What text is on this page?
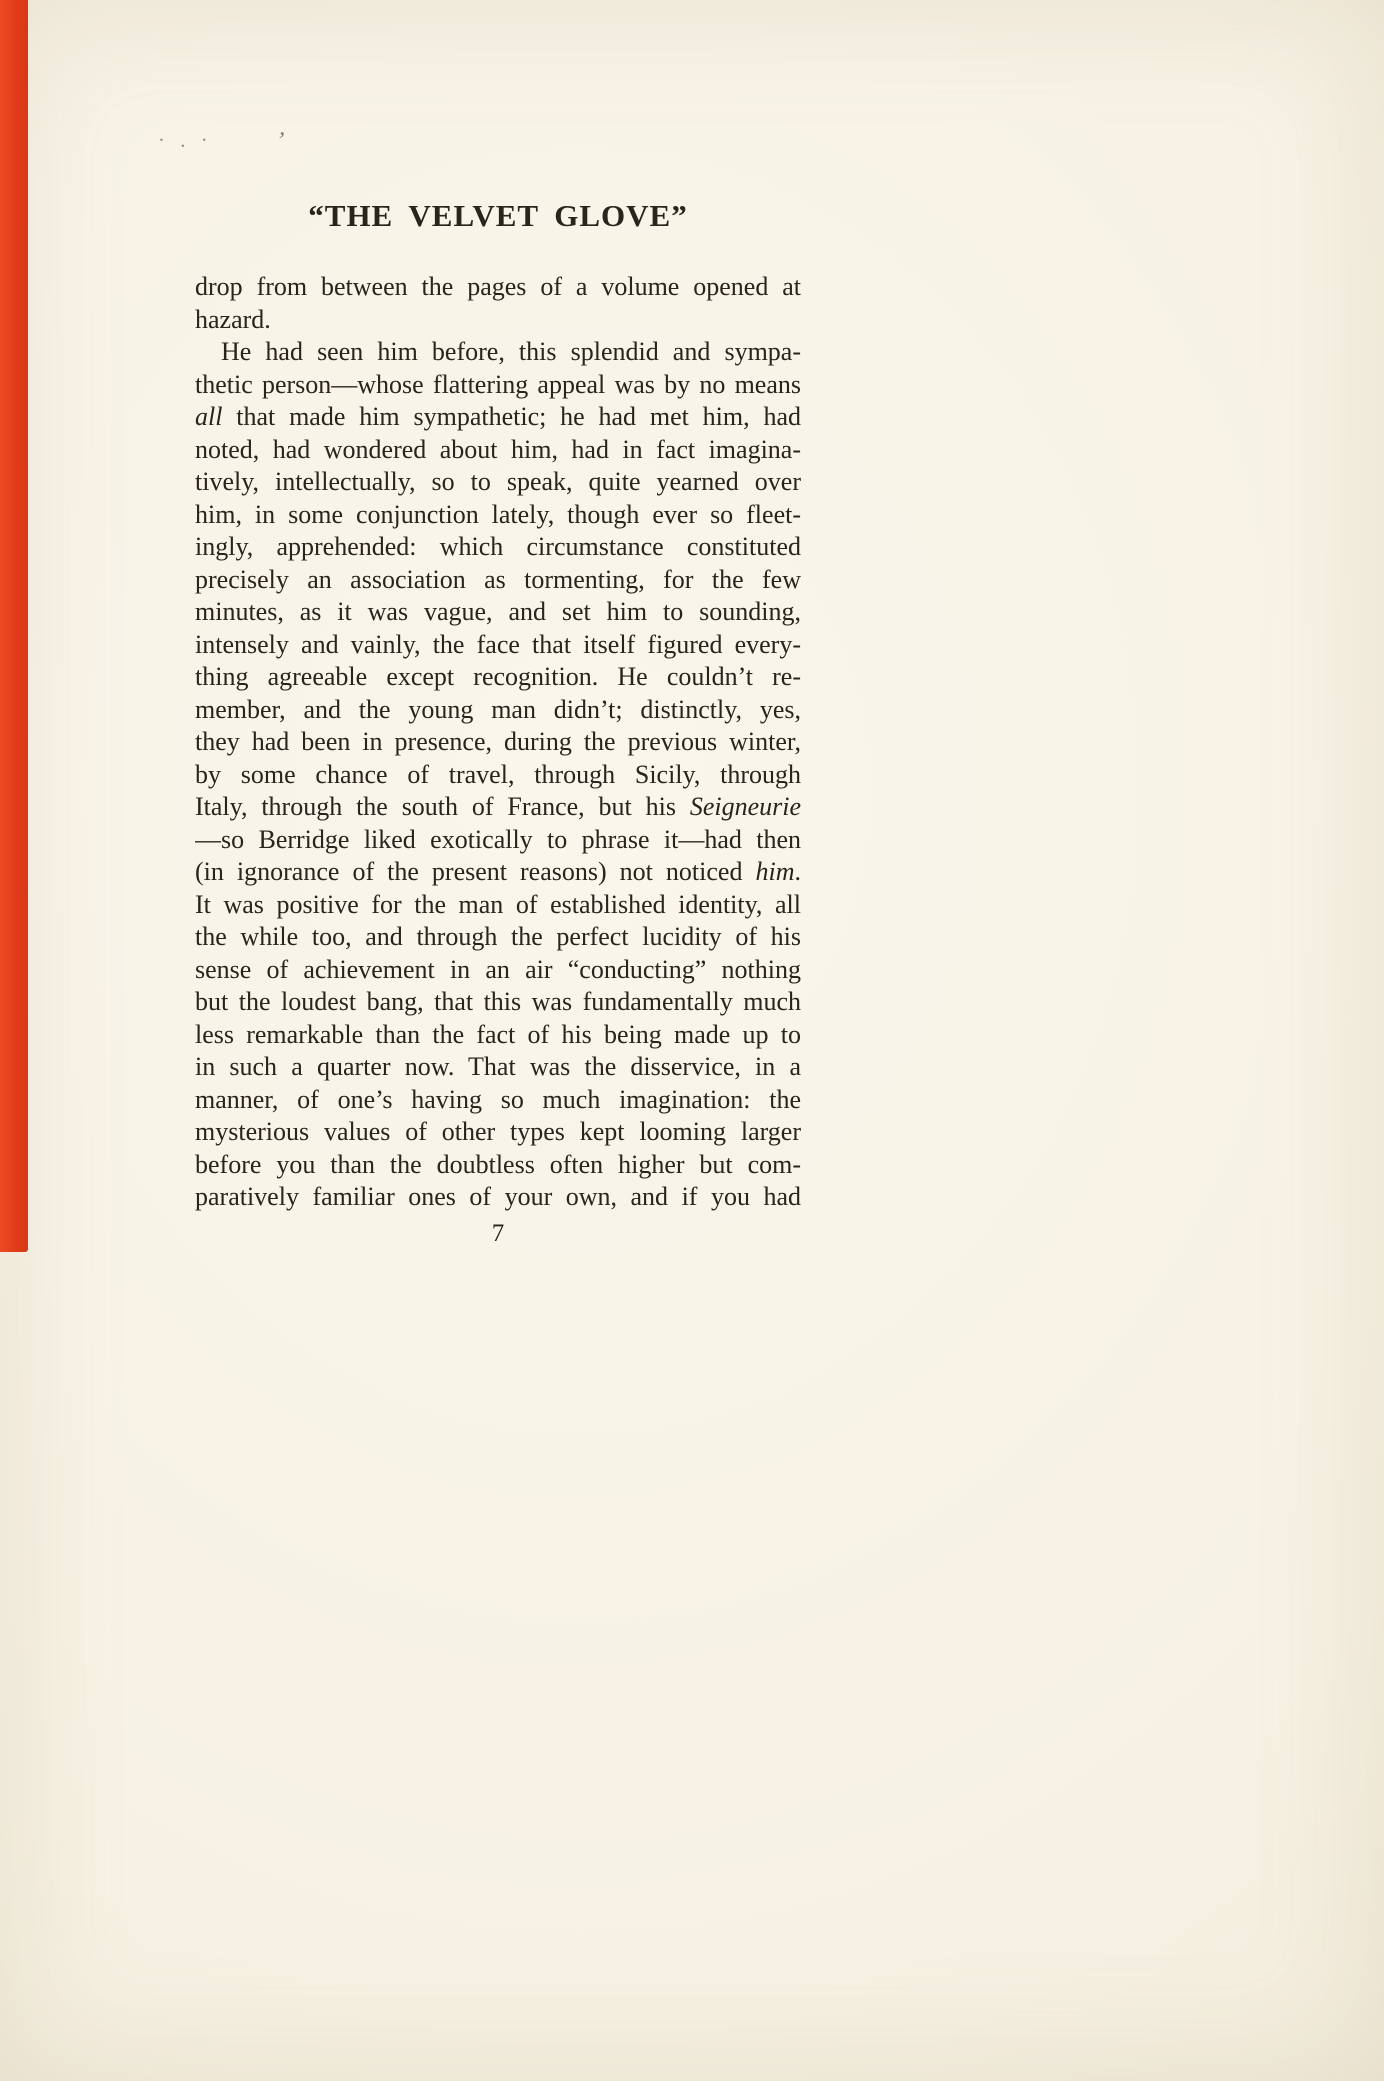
· . ·	’
“THE VELVET GLOVE”
drop from between the pages of a volume opened at
hazard.
He had seen him before, this splendid and sympa-
thetic person—whose flattering appeal was by no means
all that made him sympathetic; he had met him, had
noted, had wondered about him, had in fact imagina-
tively, intellectually, so to speak, quite yearned over
him, in some conjunction lately, though ever so fleet-
ingly, apprehended: which circumstance constituted
precisely an association as tormenting, for the few
minutes, as it was vague, and set him to sounding,
intensely and vainly, the face that itself figured every-
thing agreeable except recognition. He couldn’t re-
member, and the young man didn’t; distinctly, yes,
they had been in presence, during the previous winter,
by some chance of travel, through Sicily, through
Italy, through the south of France, but his Seigneurie
—so Berridge liked exotically to phrase it—had then
(in ignorance of the present reasons) not noticed him.
It was positive for the man of established identity, all
the while too, and through the perfect lucidity of his
sense of achievement in an air “conducting” nothing
but the loudest bang, that this was fundamentally much
less remarkable than the fact of his being made up to
in such a quarter now. That was the disservice, in a
manner, of one’s having so much imagination: the
mysterious values of other types kept looming larger
before you than the doubtless often higher but com-
paratively familiar ones of your own, and if you had
7
